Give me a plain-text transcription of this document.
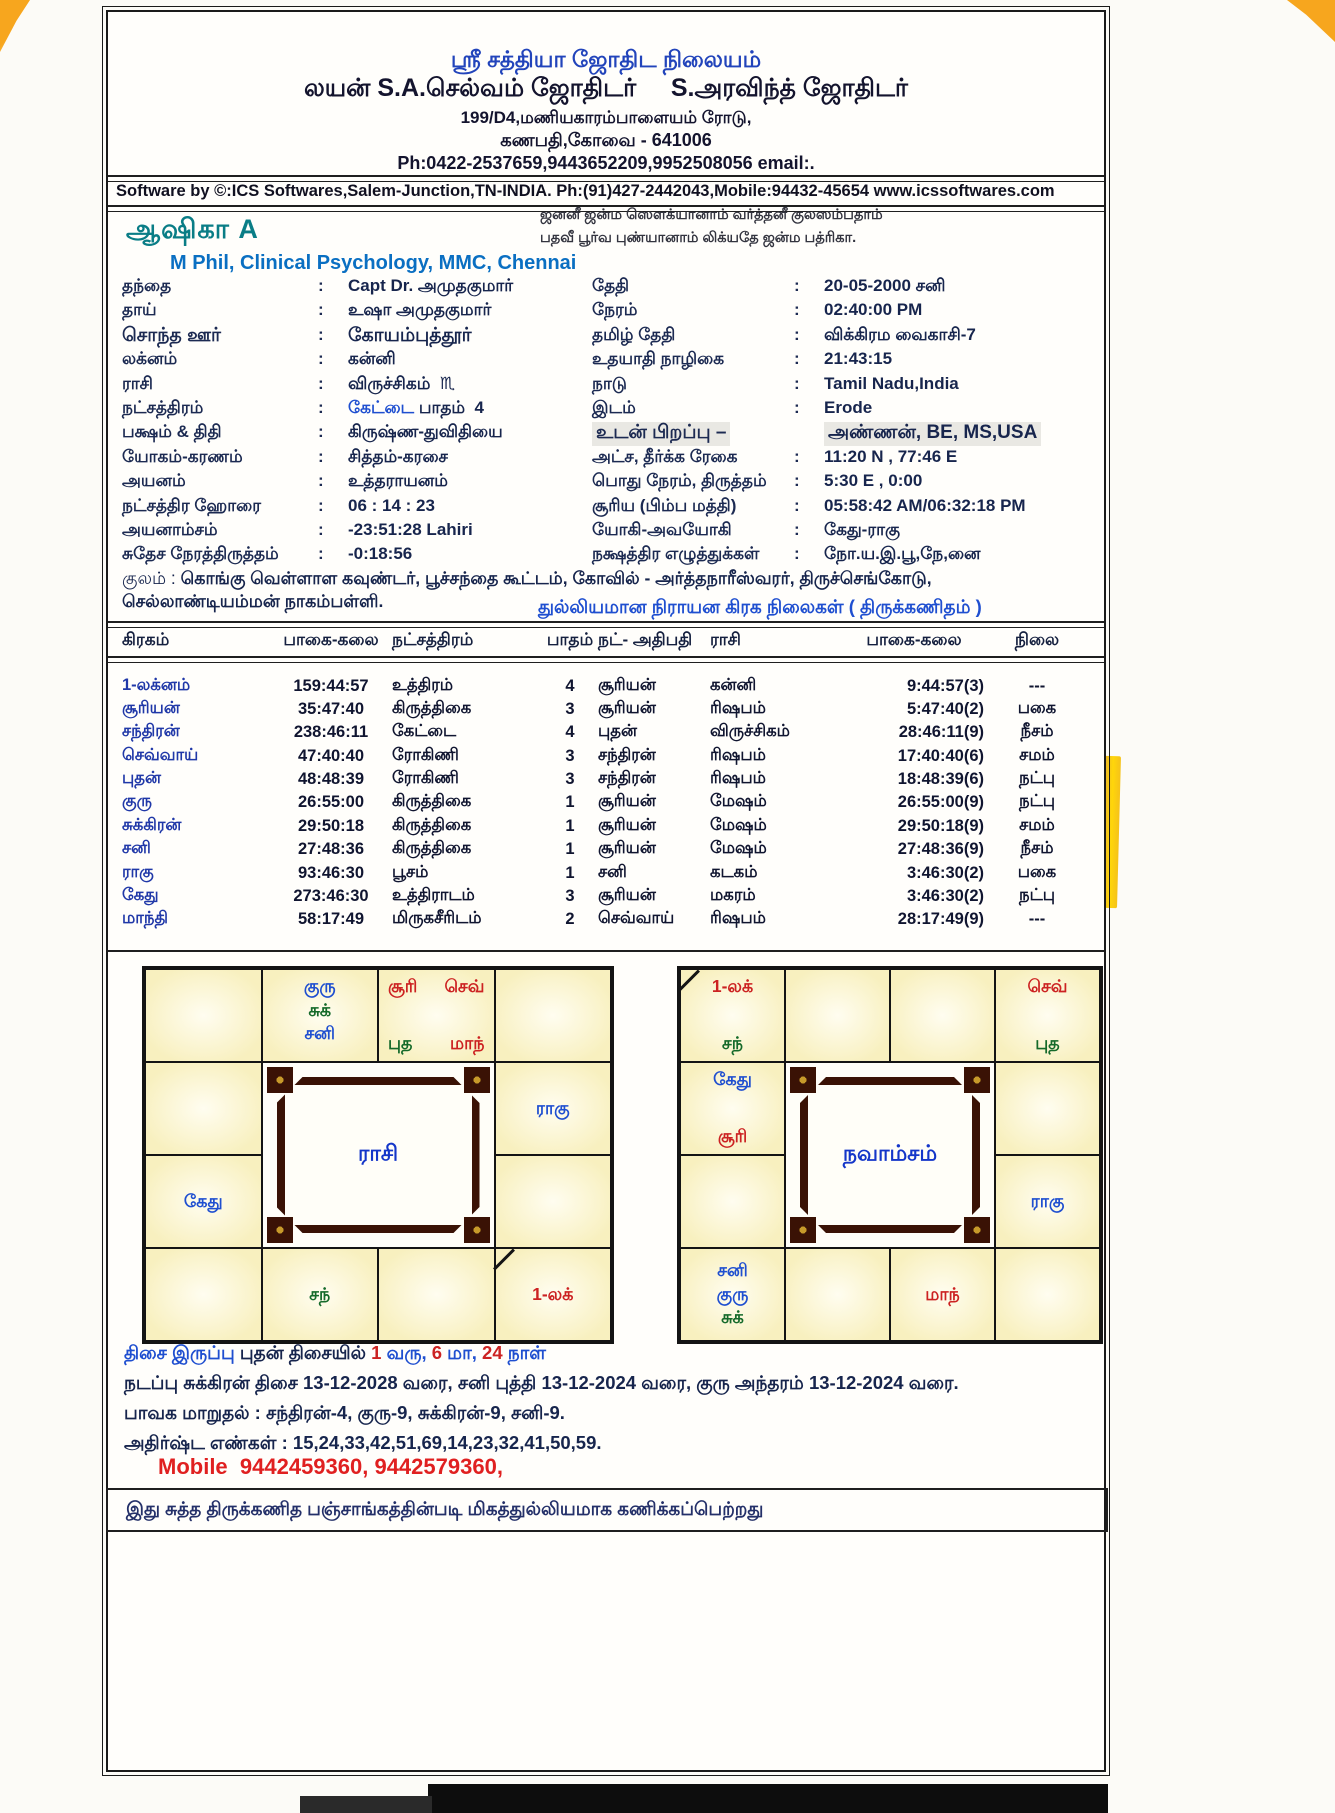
ஸ்ரீ சத்தியா ஜோதிட நிலையம்
லயன் S.A.செல்வம் ஜோதிடர்     S.அரவிந்த் ஜோதிடர்
199/D4,மணியகாரம்பாளையம் ரோடு,
கணபதி,கோவை - 641006
Ph:0422-2537659,9443652209,9952508056 email:.
Software by ©:ICS Softwares,Salem-Junction,TN-INDIA. Ph:(91)427-2442043,Mobile:94432-45654 www.icssoftwares.com
ஆஷிகா A
M Phil, Clinical Psychology, MMC, Chennai
ஜனனீ ஜன்ம ஸௌக்யானாம் வர்த்தனீ குலஸம்பதாம்
பதவீ பூர்வ புண்யானாம் லிக்யதே ஜன்ம பத்ரிகா.
தந்தை	: Capt Dr. அமுதகுமார்
தாய்	: உஷா அமுதகுமார்
சொந்த ஊர்	: கோயம்புத்தூர்
லக்னம்	: கன்னி
ராசி	: விருச்சிகம்  ♏
நட்சத்திரம்	: கேட்டை பாதம்  4
பக்ஷம் & திதி	: கிருஷ்ண-துவிதியை
யோகம்-கரணம்	: சித்தம்-கரசை
அயனம்	: உத்தராயனம்
நட்சத்திர ஹோரை	: 06 : 14 : 23
அயனாம்சம்	: -23:51:28 Lahiri
சுதேச நேரத்திருத்தம் : -0:18:56
தேதி	: 20-05-2000 சனி
நேரம்	: 02:40:00 PM
தமிழ் தேதி	: விக்கிரம வைகாசி-7
உதயாதி நாழிகை	: 21:43:15
நாடு	: Tamil Nadu,India
இடம்	: Erode
உடன் பிறப்பு –	அண்ணன், BE, MS,USA
அட்ச, தீர்க்க ரேகை	: 11:20 N , 77:46 E
பொது நேரம், திருத்தம் : 5:30 E , 0:00
சூரிய (பிம்ப மத்தி)	: 05:58:42 AM/06:32:18 PM
யோகி-அவயோகி	: கேது-ராகு
நக்ஷத்திர எழுத்துக்கள் : நோ.ய.இ.பூ,நே,னை
குலம் : கொங்கு வெள்ளாள கவுண்டர், பூச்சந்தை கூட்டம், கோவில் - அர்த்தநாரீஸ்வரர், திருச்செங்கோடு,
செல்லாண்டியம்மன் நாகம்பள்ளி.	துல்லியமான நிராயன கிரக நிலைகள் ( திருக்கணிதம் )
கிரகம்	பாகை-கலை	நட்சத்திரம்	பாதம்	நட்- அதிபதி	ராசி	பாகை-கலை	நிலை

1-லக்னம்	159:44:57	உத்திரம்	4	சூரியன்	கன்னி	9:44:57(3)	---
சூரியன்	35:47:40	கிருத்திகை	3	சூரியன்	ரிஷபம்	5:47:40(2)	பகை
சந்திரன்	238:46:11	கேட்டை	4	புதன்	விருச்சிகம்	28:46:11(9)	நீசம்
செவ்வாய்	47:40:40	ரோகிணி	3	சந்திரன்	ரிஷபம்	17:40:40(6)	சமம்
புதன்	48:48:39	ரோகிணி	3	சந்திரன்	ரிஷபம்	18:48:39(6)	நட்பு
குரு	26:55:00	கிருத்திகை	1	சூரியன்	மேஷம்	26:55:00(9)	நட்பு
சுக்கிரன்	29:50:18	கிருத்திகை	1	சூரியன்	மேஷம்	29:50:18(9)	சமம்
சனி	27:48:36	கிருத்திகை	1	சூரியன்	மேஷம்	27:48:36(9)	நீசம்
ராகு	93:46:30	பூசம்	1	சனி	கடகம்	3:46:30(2)	பகை
கேது	273:46:30	உத்திராடம்	3	சூரியன்	மகரம்	3:46:30(2)	நட்பு
மாந்தி	58:17:49	மிருகசீரிடம்	2	செவ்வாய்	ரிஷபம்	28:17:49(9)	---
குரு
சுக்
சனி
சூரி செவ்
புத மாந்
ராகு
கேது
சந்	1-லக்
ராசி
1-லக்
சந்
செவ்
புத
கேது
சூரி
ராகு
சனி
குரு
சுக்
மாந்
நவாம்சம்
திசை இருப்பு புதன் திசையில் 1 வரு, 6 மா, 24 நாள்
நடப்பு சுக்கிரன் திசை 13-12-2028 வரை, சனி புத்தி 13-12-2024 வரை, குரு அந்தரம் 13-12-2024 வரை.
பாவக மாறுதல் : சந்திரன்-4, குரு-9, சுக்கிரன்-9, சனி-9.
அதிர்ஷ்ட எண்கள் : 15,24,33,42,51,69,14,23,32,41,50,59.
Mobile  9442459360, 9442579360,
இது சுத்த திருக்கணித பஞ்சாங்கத்தின்படி மிகத்துல்லியமாக கணிக்கப்பெற்றது
